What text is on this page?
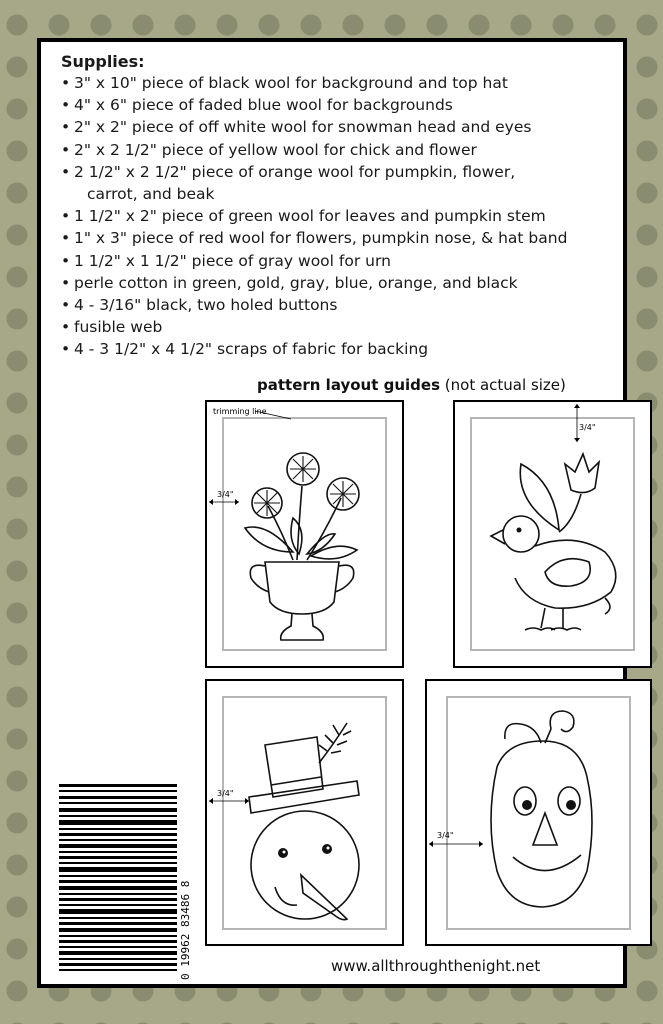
Supplies:
• 3" x 10" piece of black wool for background and top hat
• 4" x 6" piece of faded blue wool for backgrounds
• 2" x 2" piece of off white wool for snowman head and eyes
• 2" x 2 1/2" piece of yellow wool for chick and flower
• 2 1/2" x 2 1/2" piece of orange wool for pumpkin, flower,
carrot, and beak
• 1 1/2" x 2" piece of green wool for leaves and pumpkin stem
• 1" x 3" piece of red wool for flowers, pumpkin nose, & hat band
• 1 1/2" x 1 1/2" piece of gray wool for urn
• perle cotton in green, gold, gray, blue, orange, and black
• 4 - 3/16" black, two holed buttons
• fusible web
• 4 - 3 1/2" x 4 1/2" scraps of fabric for backing
pattern layout guides (not actual size)
trimming line
3/4"
3/4"
3/4"
3/4"
0 19962 83486 8	www.allthroughthenight.net
